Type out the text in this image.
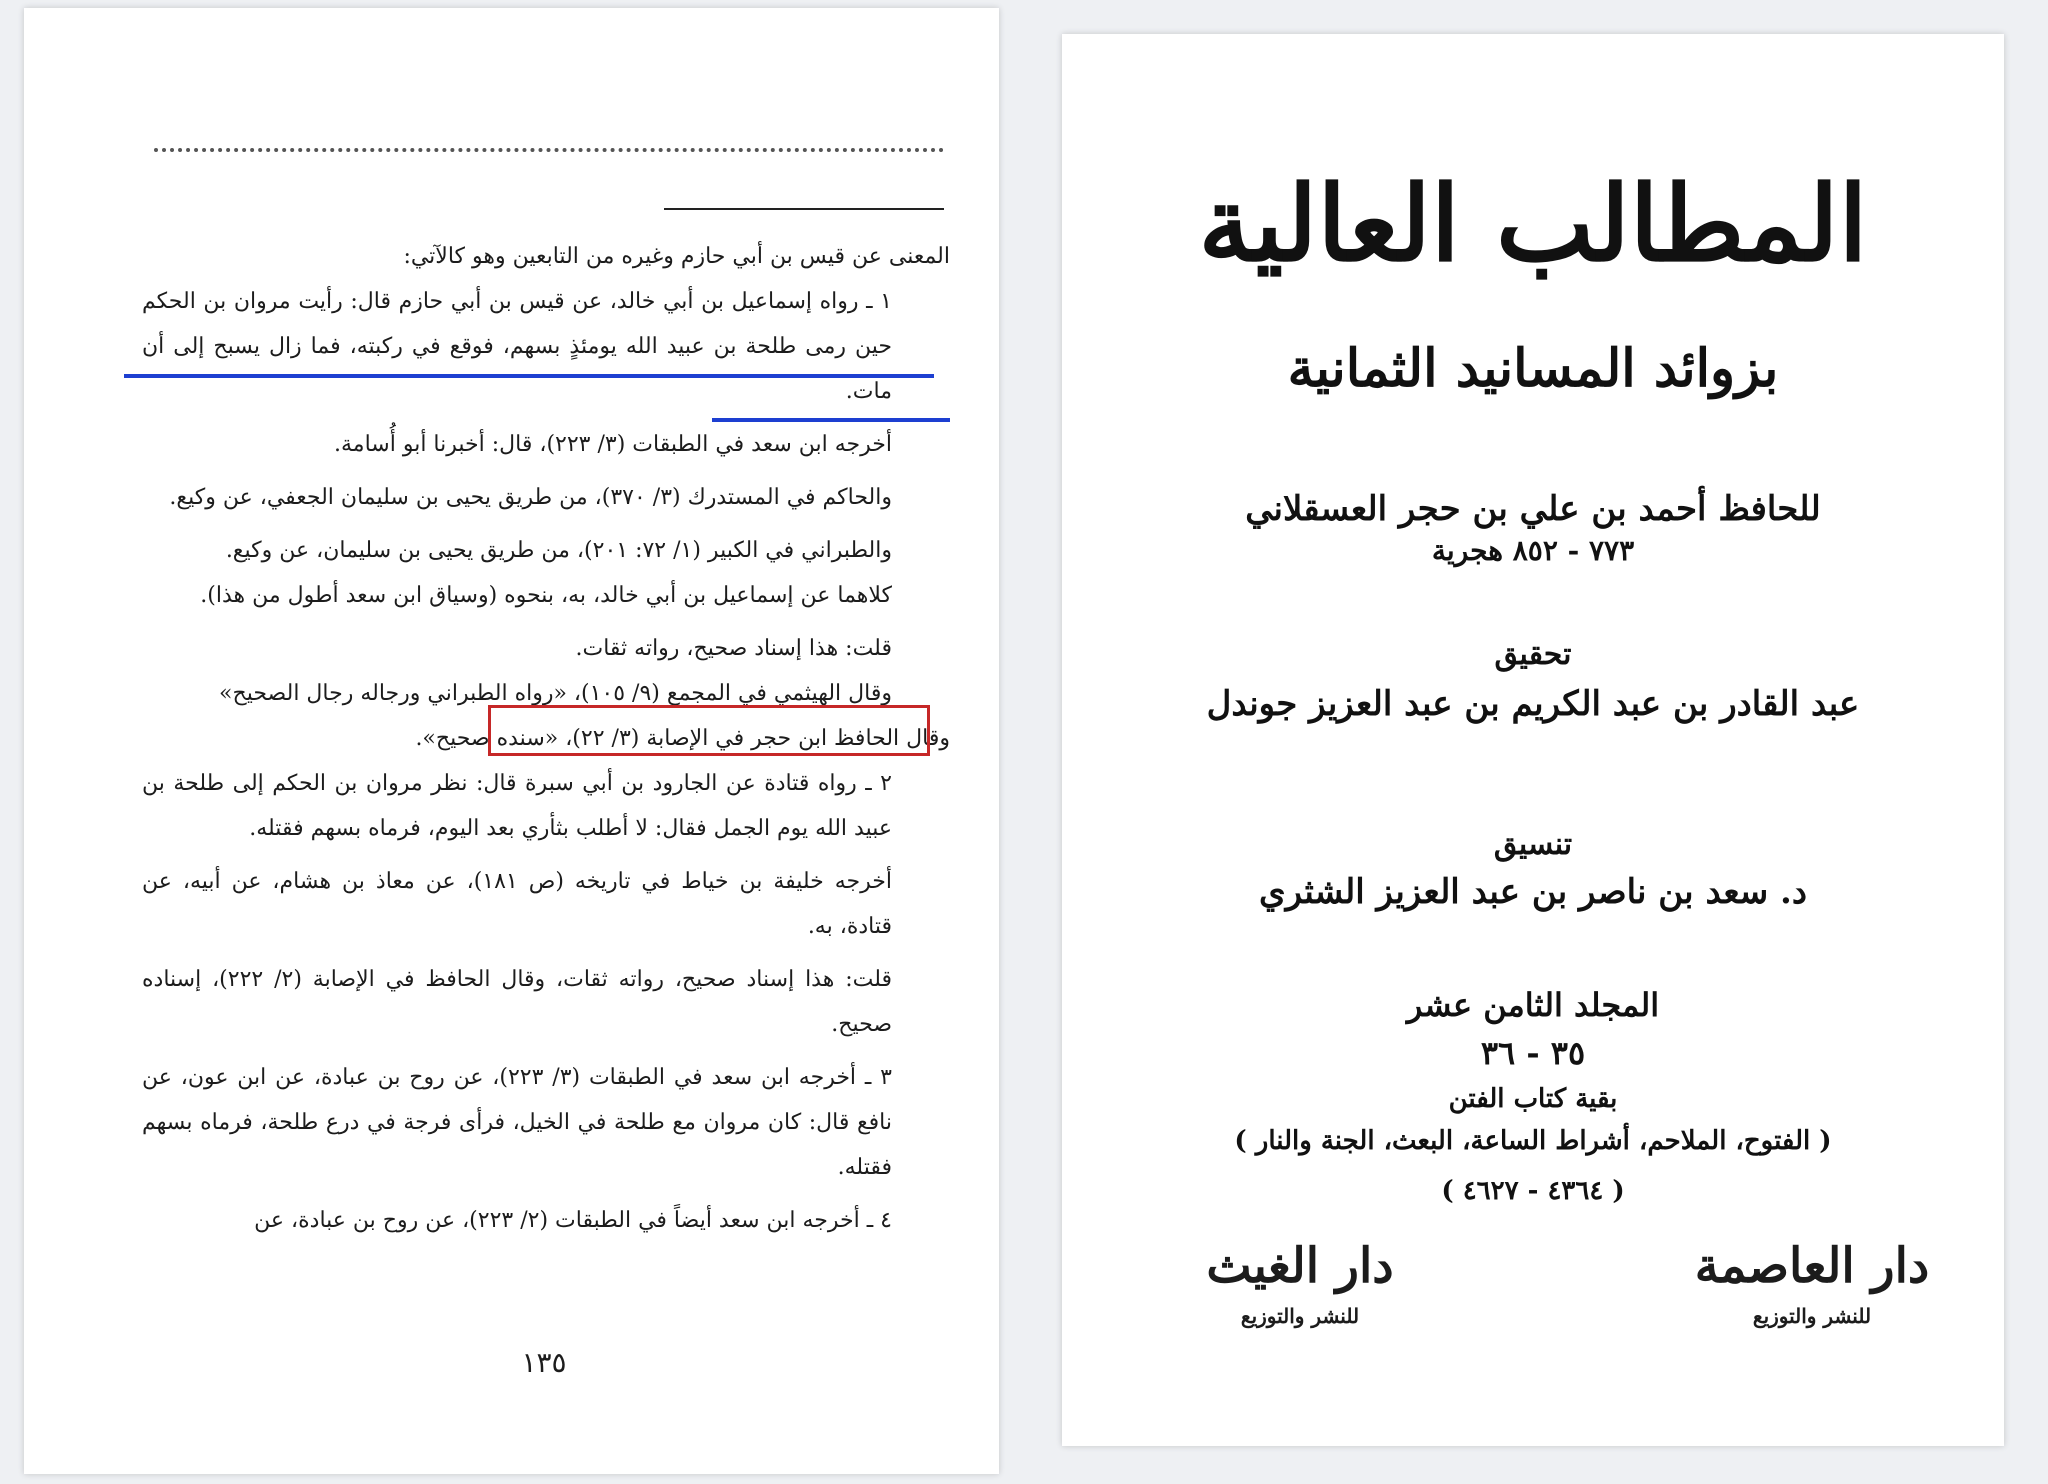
المعنى عن قيس بن أبي حازم وغيره من التابعين وهو كالآتي:

١ ـ رواه إسماعيل بن أبي خالد، عن قيس بن أبي حازم قال: رأيت مروان بن الحكم حين رمى طلحة بن عبيد الله يومئذٍ بسهم، فوقع في ركبته، فما زال يسبح إلى أن مات.

أخرجه ابن سعد في الطبقات (٣/ ٢٢٣)، قال: أخبرنا أبو أُسامة.

والحاكم في المستدرك (٣/ ٣٧٠)، من طريق يحيى بن سليمان الجعفي، عن وكيع.

والطبراني في الكبير (١/ ٧٢: ٢٠١)، من طريق يحيى بن سليمان، عن وكيع.

كلاهما عن إسماعيل بن أبي خالد، به، بنحوه (وسياق ابن سعد أطول من هذا).

قلت: هذا إسناد صحيح، رواته ثقات.

وقال الهيثمي في المجمع (٩/ ١٠٥)، «رواه الطبراني ورجاله رجال الصحيح»

وقال الحافظ ابن حجر في الإصابة (٣/ ٢٢)، «سنده صحيح».

٢ ـ رواه قتادة عن الجارود بن أبي سبرة قال: نظر مروان بن الحكم إلى طلحة بن عبيد الله يوم الجمل فقال: لا أطلب بثأري بعد اليوم، فرماه بسهم فقتله.

أخرجه خليفة بن خياط في تاريخه (ص ١٨١)، عن معاذ بن هشام، عن أبيه، عن قتادة، به.

قلت: هذا إسناد صحيح، رواته ثقات، وقال الحافظ في الإصابة (٢/ ٢٢٢)، إسناده صحيح.

٣ ـ أخرجه ابن سعد في الطبقات (٣/ ٢٢٣)، عن روح بن عبادة، عن ابن عون، عن نافع قال: كان مروان مع طلحة في الخيل، فرأى فرجة في درع طلحة، فرماه بسهم فقتله.

٤ ـ أخرجه ابن سعد أيضاً في الطبقات (٢/ ٢٢٣)، عن روح بن عبادة، عن

١٣٥
المطالب العالية
بزوائد المسانيد الثمانية
للحافظ أحمد بن علي بن حجر العسقلاني
٧٧٣ - ٨٥٢ هجرية
تحقيق
عبد القادر بن عبد الكريم بن عبد العزيز جوندل
تنسيق
د. سعد بن ناصر بن عبد العزيز الشثري
المجلد الثامن عشر
٣٥ - ٣٦
بقية كتاب الفتن
( الفتوح، الملاحم، أشراط الساعة، البعث، الجنة والنار )
( ٤٣٦٤ - ٤٦٢٧ )
دار العاصمة
للنشر والتوزيع
دار الغيث
للنشر والتوزيع
